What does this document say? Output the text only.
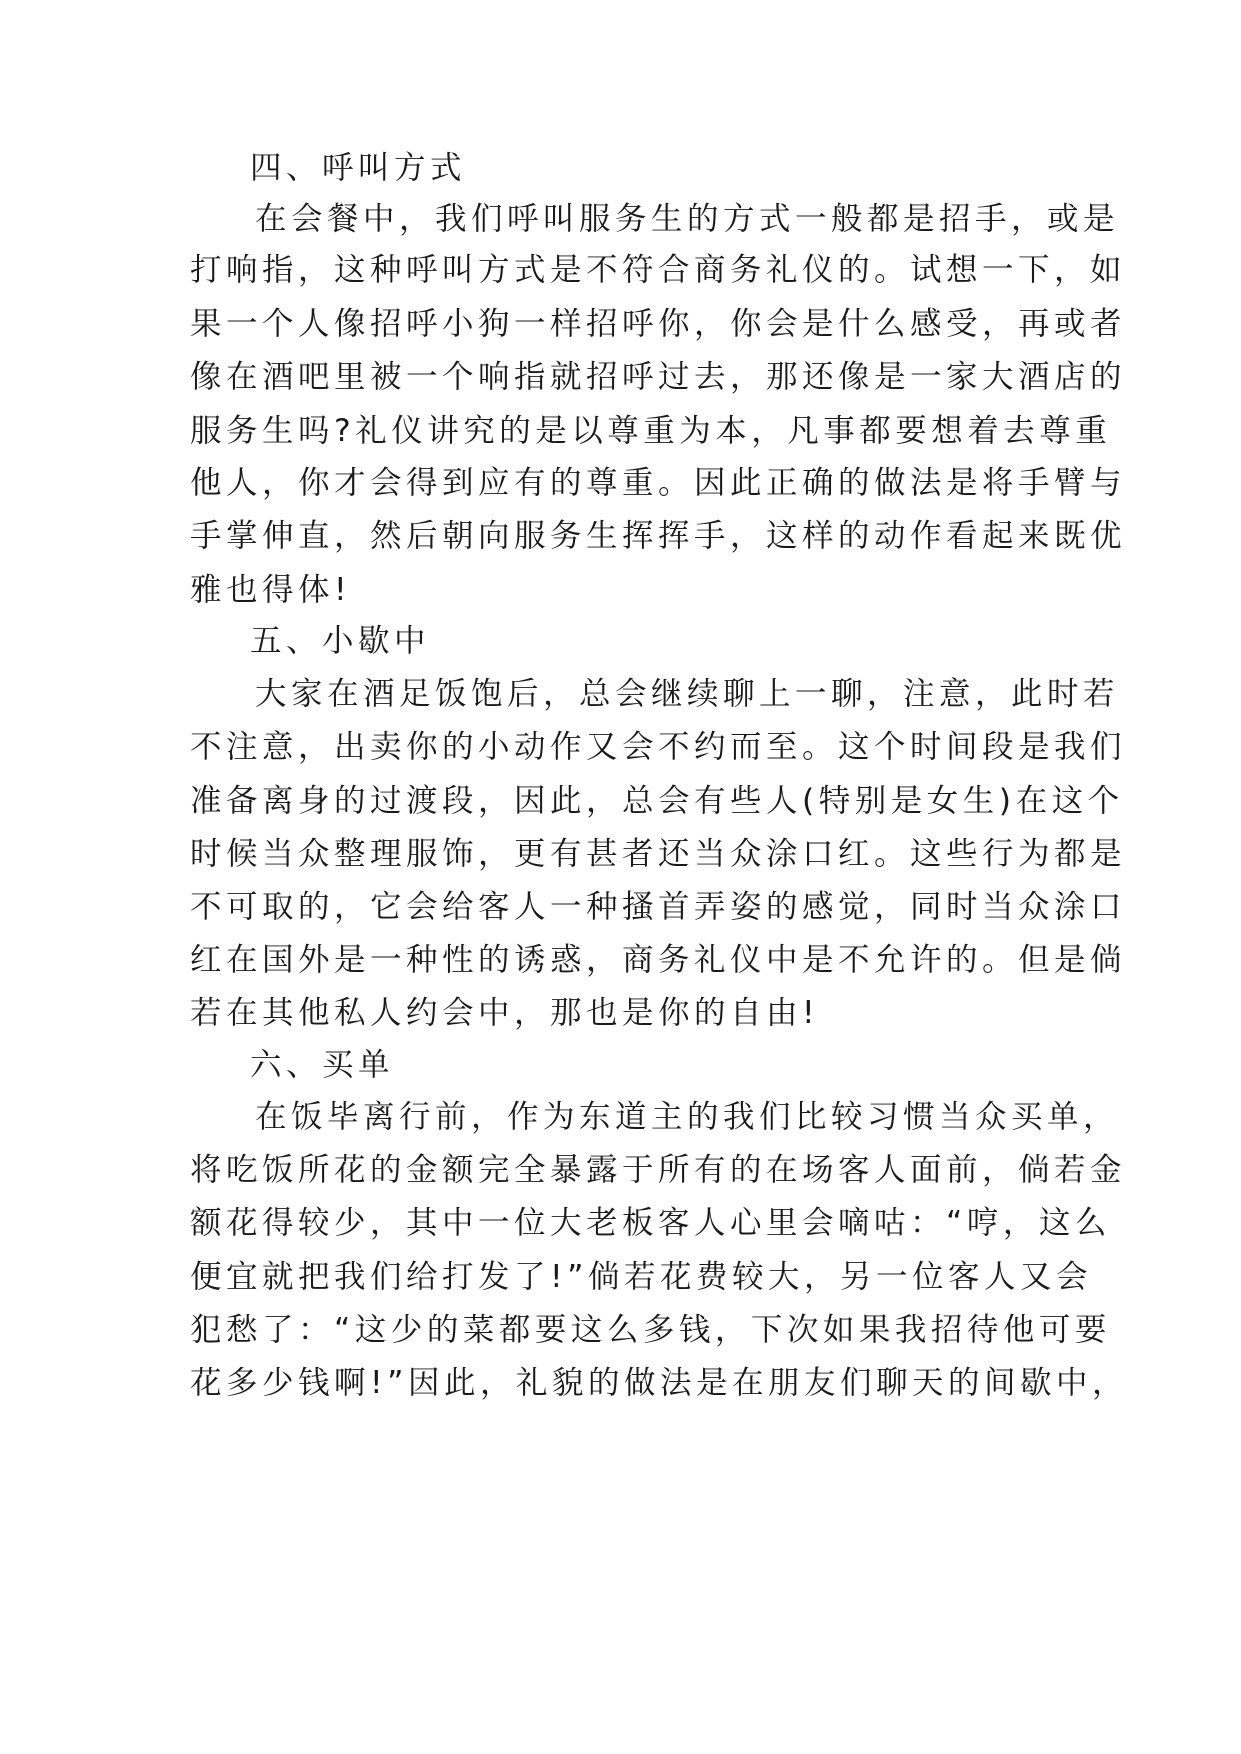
四、呼叫方式
在会餐中，我们呼叫服务生的方式一般都是招手，或是
打响指，这种呼叫方式是不符合商务礼仪的。试想一下，如
果一个人像招呼小狗一样招呼你，你会是什么感受，再或者
像在酒吧里被一个响指就招呼过去，那还像是一家大酒店的
服务生吗?礼仪讲究的是以尊重为本，凡事都要想着去尊重
他人，你才会得到应有的尊重。因此正确的做法是将手臂与
手掌伸直，然后朝向服务生挥挥手，这样的动作看起来既优
雅也得体!
五、小歇中
大家在酒足饭饱后，总会继续聊上一聊，注意，此时若
不注意，出卖你的小动作又会不约而至。这个时间段是我们
准备离身的过渡段，因此，总会有些人(特别是女生)在这个
时候当众整理服饰，更有甚者还当众涂口红。这些行为都是
不可取的，它会给客人一种搔首弄姿的感觉，同时当众涂口
红在国外是一种性的诱惑，商务礼仪中是不允许的。但是倘
若在其他私人约会中，那也是你的自由!
六、买单
在饭毕离行前，作为东道主的我们比较习惯当众买单，
将吃饭所花的金额完全暴露于所有的在场客人面前，倘若金
额花得较少，其中一位大老板客人心里会嘀咕：“哼，这么
便宜就把我们给打发了!”倘若花费较大，另一位客人又会
犯愁了：“这少的菜都要这么多钱，下次如果我招待他可要
花多少钱啊!”因此，礼貌的做法是在朋友们聊天的间歇中，
